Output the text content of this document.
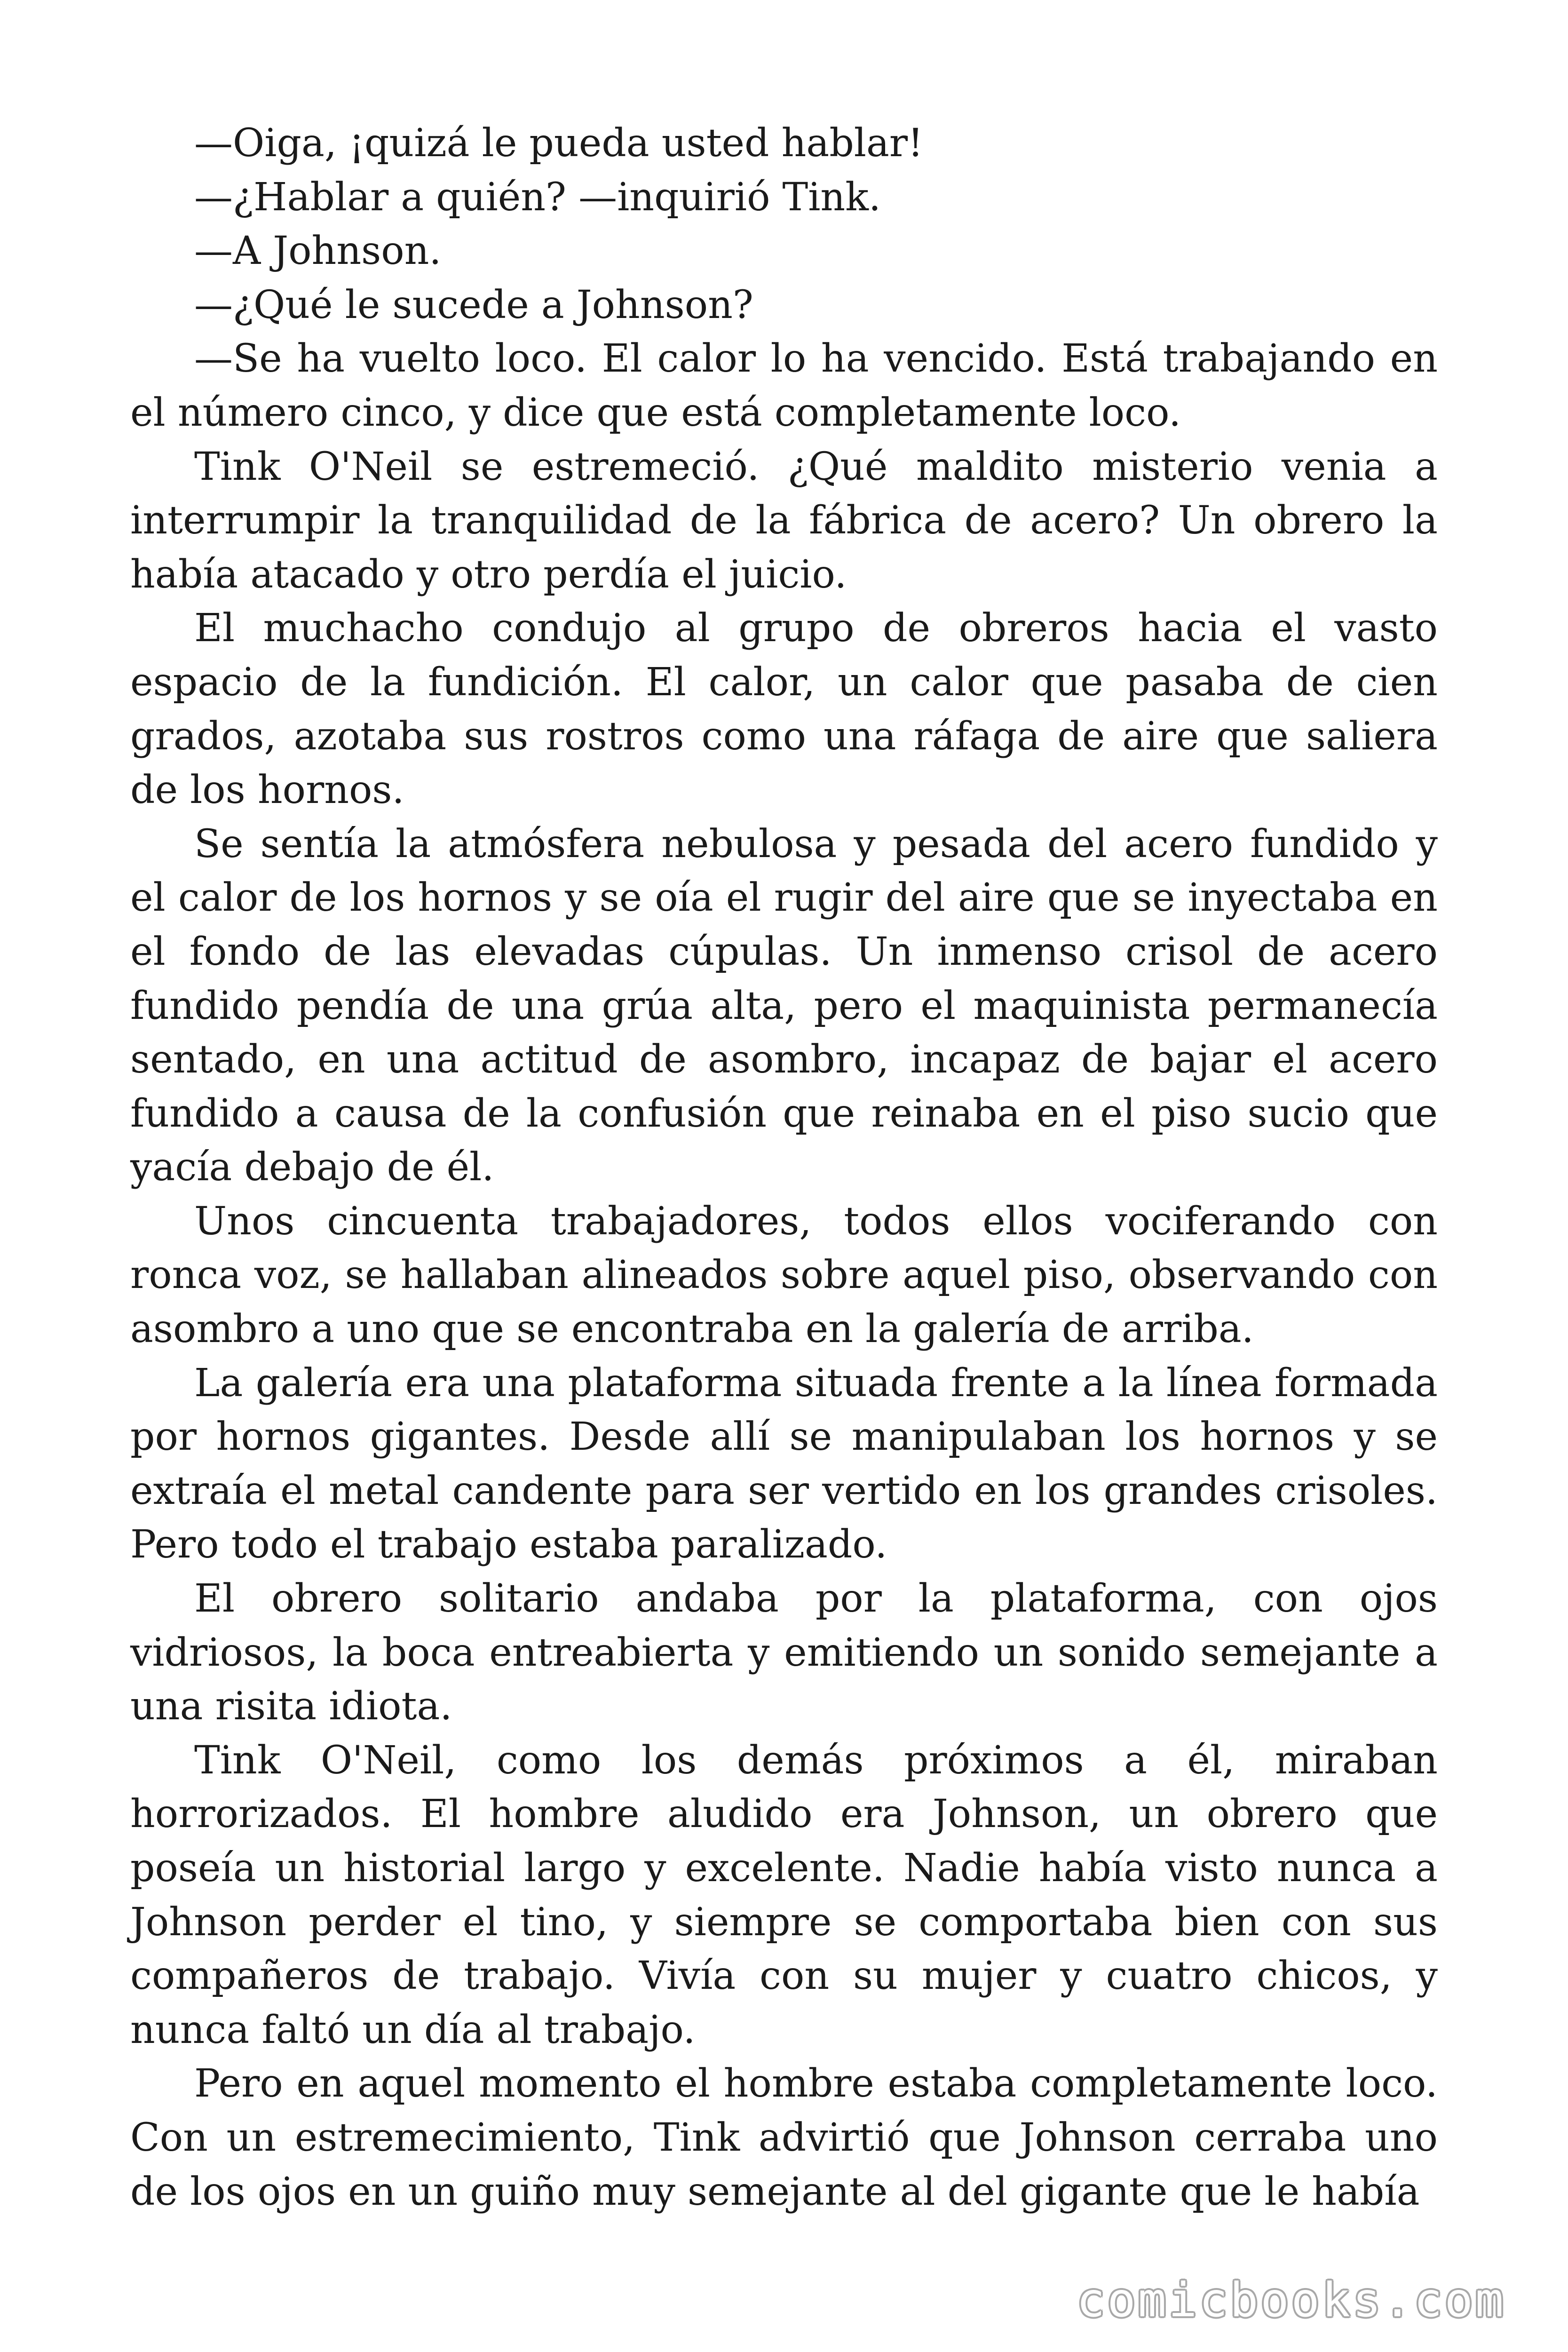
—Oiga, ¡quizá le pueda usted hablar!

—¿Hablar a quién? —inquirió Tink.

—A Johnson.

—¿Qué le sucede a Johnson?

—Se ha vuelto loco. El calor lo ha vencido. Está trabajando en el número cinco, y dice que está completamente loco.

Tink O'Neil se estremeció. ¿Qué maldito misterio venia a interrumpir la tranquilidad de la fábrica de acero? Un obrero la había atacado y otro perdía el juicio.

El muchacho condujo al grupo de obreros hacia el vasto espacio de la fundición. El calor, un calor que pasaba de cien grados, azotaba sus rostros como una ráfaga de aire que saliera de los hornos.

Se sentía la atmósfera nebulosa y pesada del acero fundido y el calor de los hornos y se oía el rugir del aire que se inyectaba en el fondo de las elevadas cúpulas. Un inmenso crisol de acero fundido pendía de una grúa alta, pero el maquinista permanecía sentado, en una actitud de asombro, incapaz de bajar el acero fundido a causa de la confusión que reinaba en el piso sucio que yacía debajo de él.

Unos cincuenta trabajadores, todos ellos vociferando con ronca voz, se hallaban alineados sobre aquel piso, observando con asombro a uno que se encontraba en la galería de arriba.

La galería era una plataforma situada frente a la línea formada por hornos gigantes. Desde allí se manipulaban los hornos y se extraía el metal candente para ser vertido en los grandes crisoles. Pero todo el trabajo estaba paralizado.

El obrero solitario andaba por la plataforma, con ojos vidriosos, la boca entreabierta y emitiendo un sonido semejante a una risita idiota.

Tink O'Neil, como los demás próximos a él, miraban horrorizados. El hombre aludido era Johnson, un obrero que poseía un historial largo y excelente. Nadie había visto nunca a Johnson perder el tino, y siempre se comportaba bien con sus compañeros de trabajo. Vivía con su mujer y cuatro chicos, y nunca faltó un día al trabajo.

Pero en aquel momento el hombre estaba completamente loco. Con un estremecimiento, Tink advirtió que Johnson cerraba uno de los ojos en un guiño muy semejante al del gigante que le había

comicbooks.com
